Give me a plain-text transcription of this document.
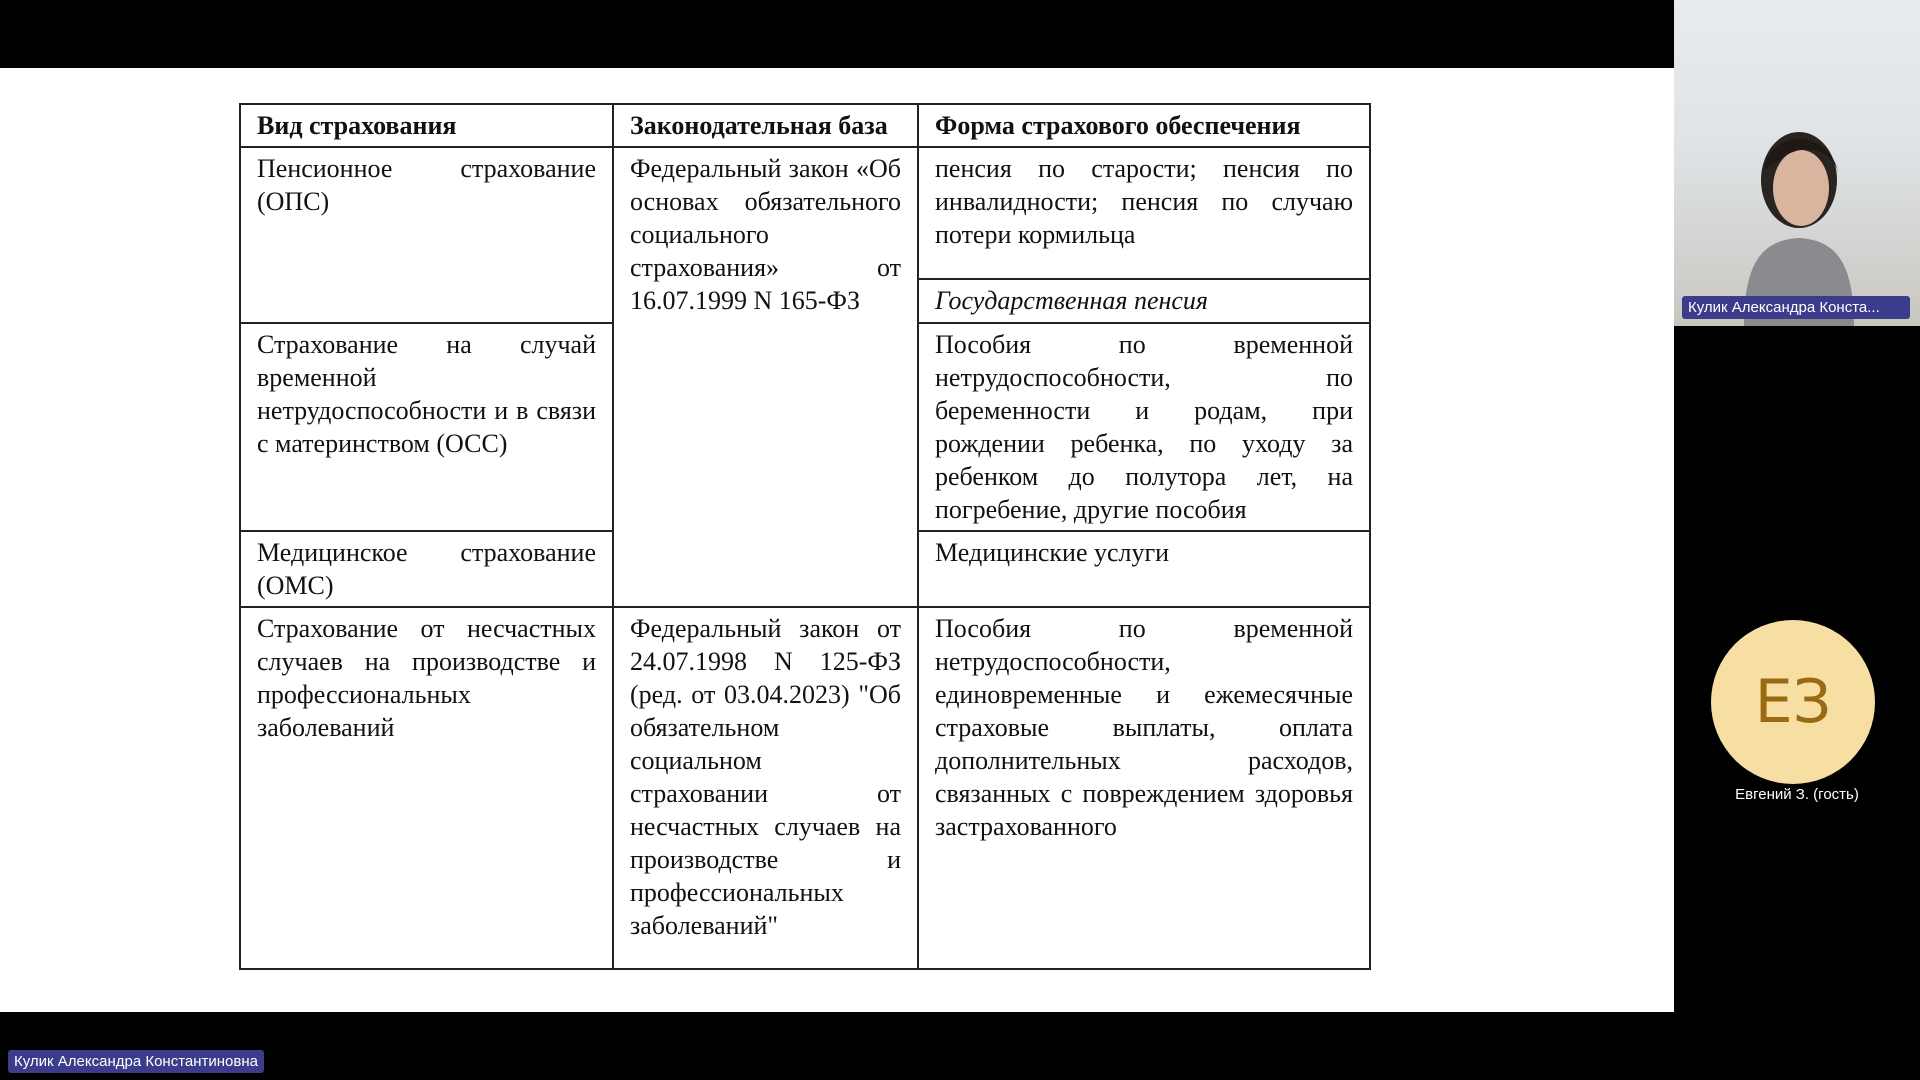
Вид страхования	Законодательная база	Форма страхового обеспечения
Пенсионное страхование (ОПС)	Федеральный закон «Об основах обязательного социального страхования» от 16.07.1999 N 165-ФЗ	пенсия по старости; пенсия по инвалидности; пенсия по случаю потери кормильца
		Государственная пенсия
Страхование на случай временной нетрудоспособности и в связи с материнством (ОСС)		Пособия по временной нетрудоспособности, по беременности и родам, при рождении ребенка, по уходу за ребенком до полутора лет, на погребение, другие пособия
Медицинское страхование (ОМС)		Медицинские услуги

Страхование от несчастных случаев на производстве и профессиональных заболеваний	Федеральный закон от 24.07.1998 N 125-ФЗ (ред. от 03.04.2023) "Об обязательном социальном страховании от несчастных случаев на производстве и профессиональных заболеваний"	Пособия по временной нетрудоспособности, единовременные и ежемесячные страховые выплаты, оплата дополнительных расходов, связанных с повреждением здоровья застрахованного
Кулик Александра Константиновна
Кулик Александра Конста...
ЕЗ
Евгений З. (гость)
